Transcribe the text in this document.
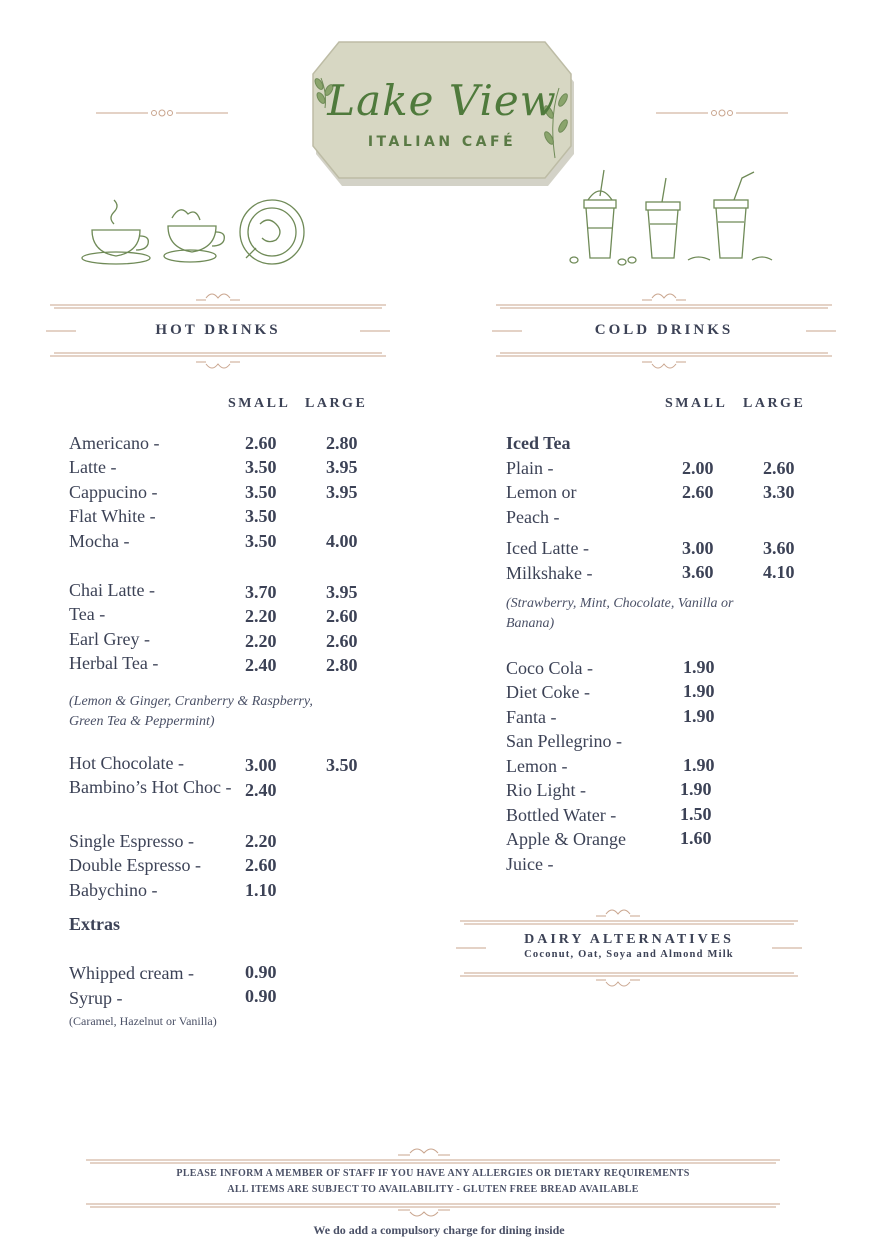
Lake View
ITALIAN CAFÉ
HOT DRINKS	COLD DRINKS
SMALL LARGE
Americano -	2.60	2.80
Latte -	3.50	3.95
Cappucino -	3.50	3.95
Flat White -	3.50
Mocha -	3.50	4.00
Chai Latte -	3.70	3.95
Tea -	2.20	2.60
Earl Grey -	2.20	2.60
Herbal Tea -	2.40	2.80
(Lemon & Ginger, Cranberry & Raspberry,
Green Tea & Peppermint)
Hot Chocolate -	3.00	3.50
Bambino’s Hot Choc - 2.40
Single Espresso -	2.20
Double Espresso - 2.60
Babychino -	1.10
Extras
Whipped cream -	0.90
Syrup -	0.90
(Caramel, Hazelnut or Vanilla)
SMALL LARGE
Iced Tea
Plain -	2.00	2.60
Lemon or	2.60	3.30
Peach -
Iced Latte -	3.00	3.60
Milkshake -	3.60	4.10
(Strawberry, Mint, Chocolate, Vanilla or
Banana)
Coco Cola -	1.90
Diet Coke -	1.90
Fanta -	1.90
San Pellegrino -
Lemon -	1.90
Rio Light -	1.90
Bottled Water -	1.50
Apple & Orange	1.60
Juice -
DAIRY ALTERNATIVES
Coconut, Oat, Soya and Almond Milk
PLEASE INFORM A MEMBER OF STAFF IF YOU HAVE ANY ALLERGIES OR DIETARY REQUIREMENTS
ALL ITEMS ARE SUBJECT TO AVAILABILITY - GLUTEN FREE BREAD AVAILABLE
We do add a compulsory charge for dining inside
